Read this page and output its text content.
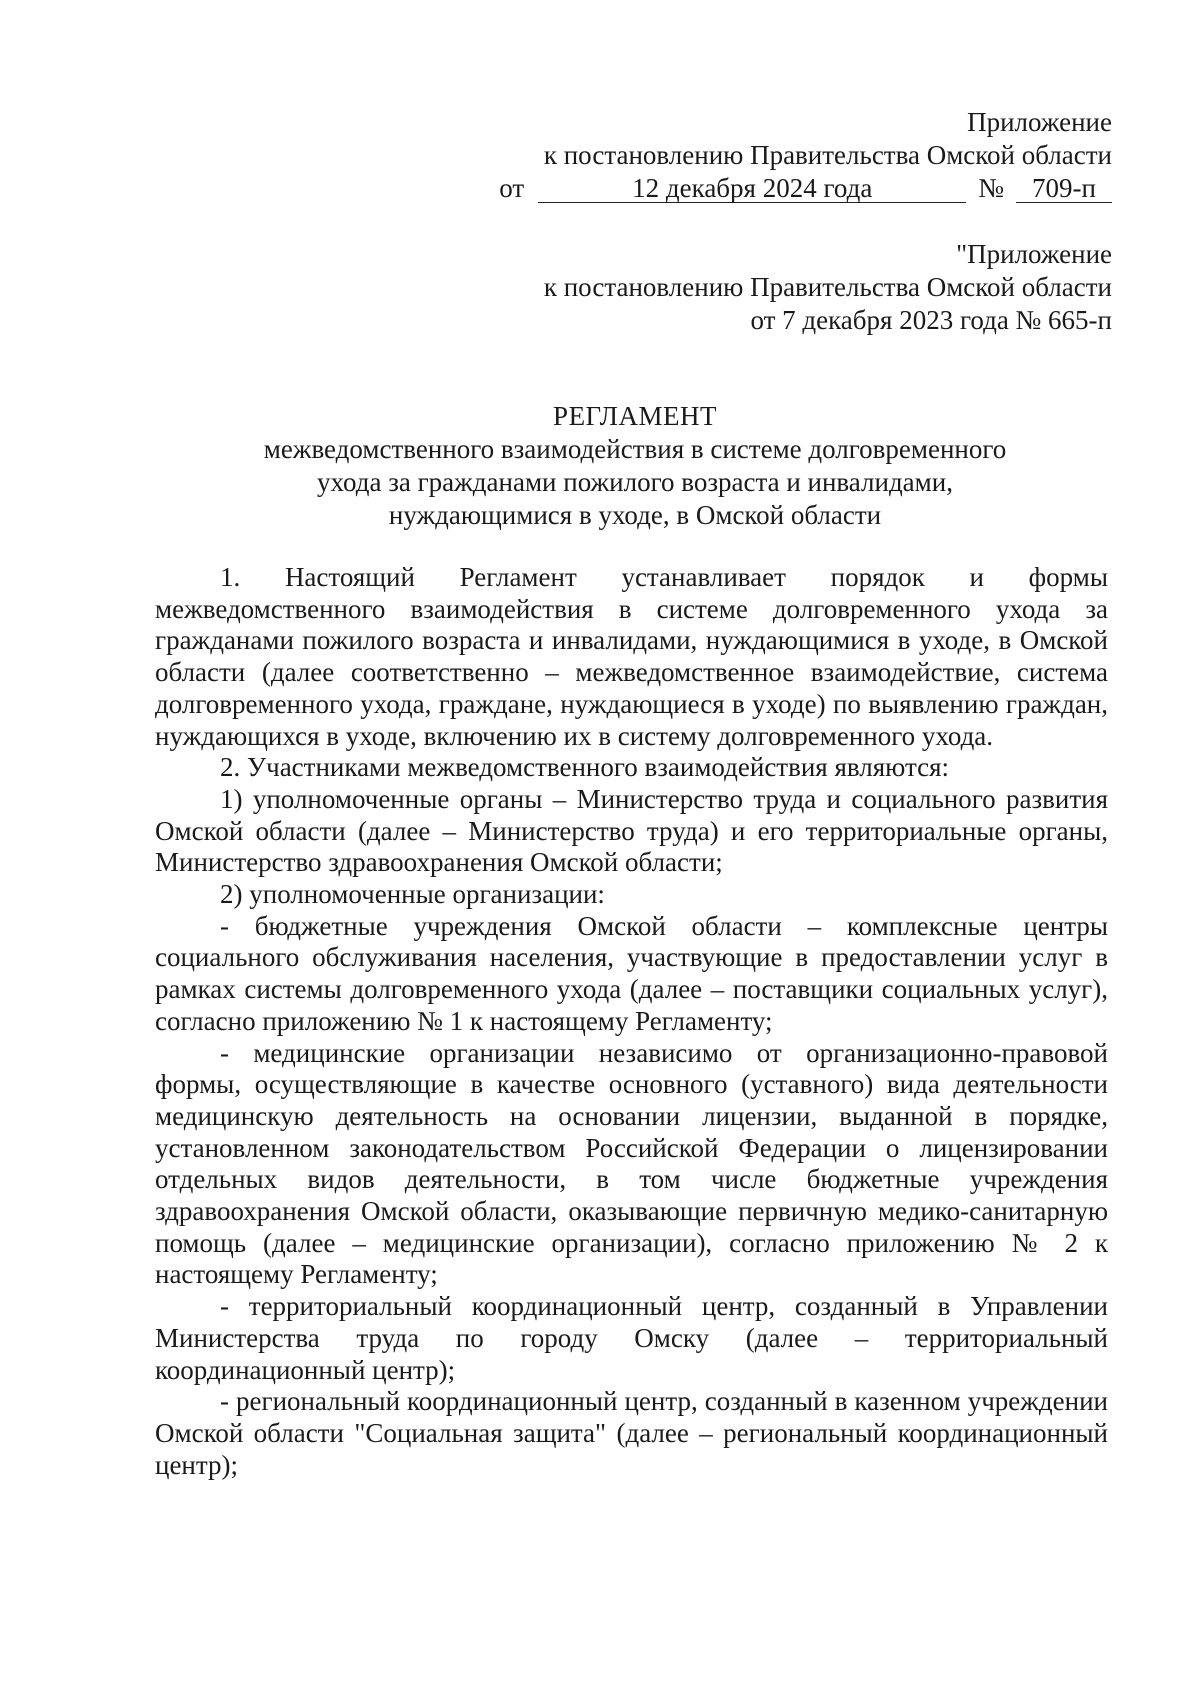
Приложение
к постановлению Правительства Омской области
от	12 декабря 2024 года	№	709-п
"Приложение
к постановлению Правительства Омской области
от 7 декабря 2023 года № 665-п
РЕГЛАМЕНТ
межведомственного взаимодействия в системе долговременного
ухода за гражданами пожилого возраста и инвалидами,
нуждающимися в уходе, в Омской области

1. Настоящий Регламент устанавливает порядок и формы межведомственного взаимодействия в системе долговременного ухода за гражданами пожилого возраста и инвалидами, нуждающимися в уходе, в Омской области (далее соответственно – межведомственное взаимодействие, система долговременного ухода, граждане, нуждающиеся в уходе) по выявлению граждан, нуждающихся в уходе, включению их в систему долговременного ухода.

2. Участниками межведомственного взаимодействия являются:

1) уполномоченные органы – Министерство труда и социального развития Омской области (далее – Министерство труда) и его территориальные органы, Министерство здравоохранения Омской области;

2) уполномоченные организации:

- бюджетные учреждения Омской области – комплексные центры социального обслуживания населения, участвующие в предоставлении услуг в рамках системы долговременного ухода (далее – поставщики социальных услуг), согласно приложению № 1 к настоящему Регламенту;

- медицинские организации независимо от организационно-правовой формы, осуществляющие в качестве основного (уставного) вида деятельности медицинскую деятельность на основании лицензии, выданной в порядке, установленном законодательством Российской Федерации о лицензировании отдельных видов деятельности, в том числе бюджетные учреждения здравоохранения Омской области, оказывающие первичную медико-санитарную помощь (далее – медицинские организации), согласно приложению № 2 к настоящему Регламенту;

- территориальный координационный центр, созданный в Управлении Министерства труда по городу Омску (далее – территориальный координационный центр);

- региональный координационный центр, созданный в казенном учреждении Омской области "Социальная защита" (далее – региональный координационный центр);
